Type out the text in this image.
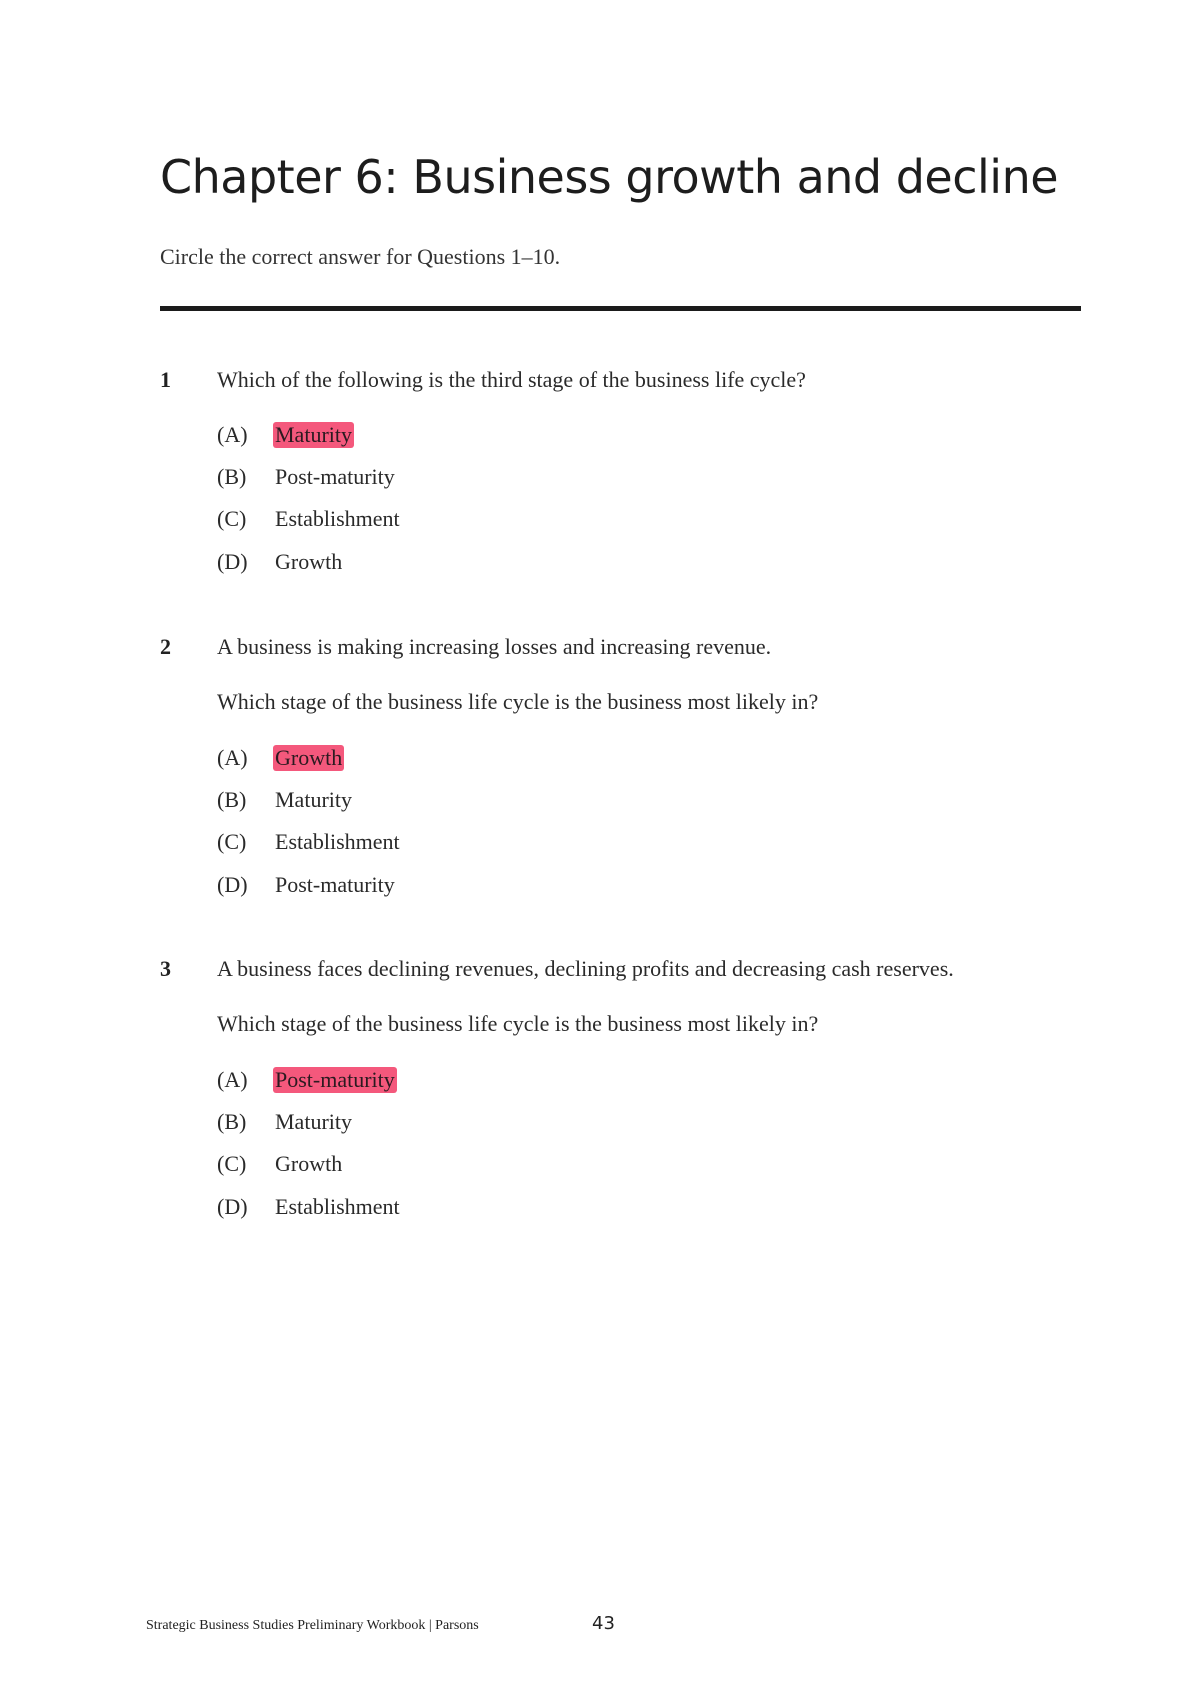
Chapter 6: Business growth and decline
Circle the correct answer for Questions 1–10.
1 Which of the following is the third stage of the business life cycle?
(A) Maturity
(B) Post-maturity
(C) Establishment
(D) Growth
2 A business is making increasing losses and increasing revenue.
Which stage of the business life cycle is the business most likely in?
(A) Growth
(B) Maturity
(C) Establishment
(D) Post-maturity
3 A business faces declining revenues, declining profits and decreasing cash reserves.
Which stage of the business life cycle is the business most likely in?
(A) Post-maturity
(B) Maturity
(C) Growth
(D) Establishment
Strategic Business Studies Preliminary Workbook | Parsons	43
